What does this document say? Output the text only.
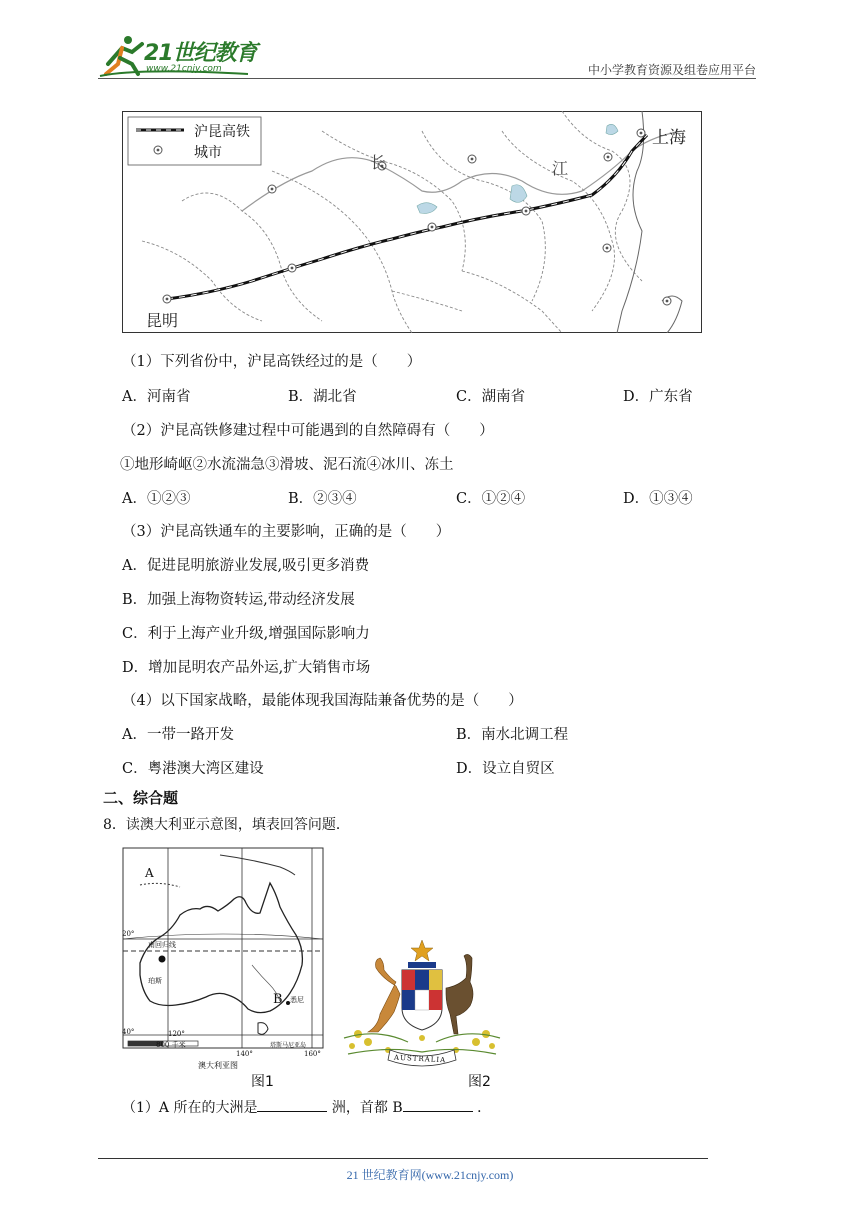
21世纪教育
www.21cnjy.com	中小学教育资源及组卷应用平台
沪昆高铁
城市
上海
昆明
长	江
（1）下列省份中，沪昆高铁经过的是（　　）
A．河南省	B．湖北省	C．湖南省	D．广东省
（2）沪昆高铁修建过程中可能遇到的自然障碍有（　　）
①地形崎岖②水流湍急③滑坡、泥石流④冰川、冻土
A．①②③	B．②③④	C．①②④	D．①③④
（3）沪昆高铁通车的主要影响，正确的是（　　）
A．促进昆明旅游业发展,吸引更多消费
B．加强上海物资转运,带动经济发展
C．利于上海产业升级,增强国际影响力
D．增加昆明农产品外运,扩大销售市场
（4）以下国家战略，最能体现我国海陆兼备优势的是（　　）
A．一带一路开发	B．南水北调工程
C．粤港澳大湾区建设	D．设立自贸区
二、综合题
8．读澳大利亚示意图，填表回答问题．
A
B
20°
40°	120°
140°	160°
南回归线
珀斯
悉尼
塔斯马尼亚岛
800 千米
澳大利亚图
AUSTRALIA
图1	图2
（1）A 所在的大洲是	洲，首都 B	．
21 世纪教育网(www.21cnjy.com)
